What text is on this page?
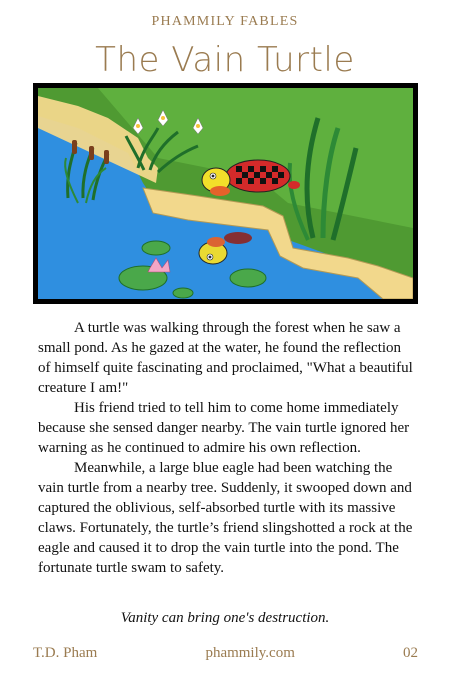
PHAMMILY FABLES
The Vain Turtle

A turtle was walking through the forest when he saw a small pond. As he gazed at the water, he found the reflection of himself quite fascinating and proclaimed, "What a beautiful creature I am!"

His friend tried to tell him to come home immediately because she sensed danger nearby. The vain turtle ignored her warning as he continued to admire his own reflection.

Meanwhile, a large blue eagle had been watching the vain turtle from a nearby tree. Suddenly, it swooped down and captured the oblivious, self-absorbed turtle with its massive claws. Fortunately, the turtle’s friend slingshotted a rock at the eagle and caused it to drop the vain turtle into the pond. The fortunate turtle swam to safety.

Vanity can bring one's destruction.
T.D. Pham	phammily.com	02
